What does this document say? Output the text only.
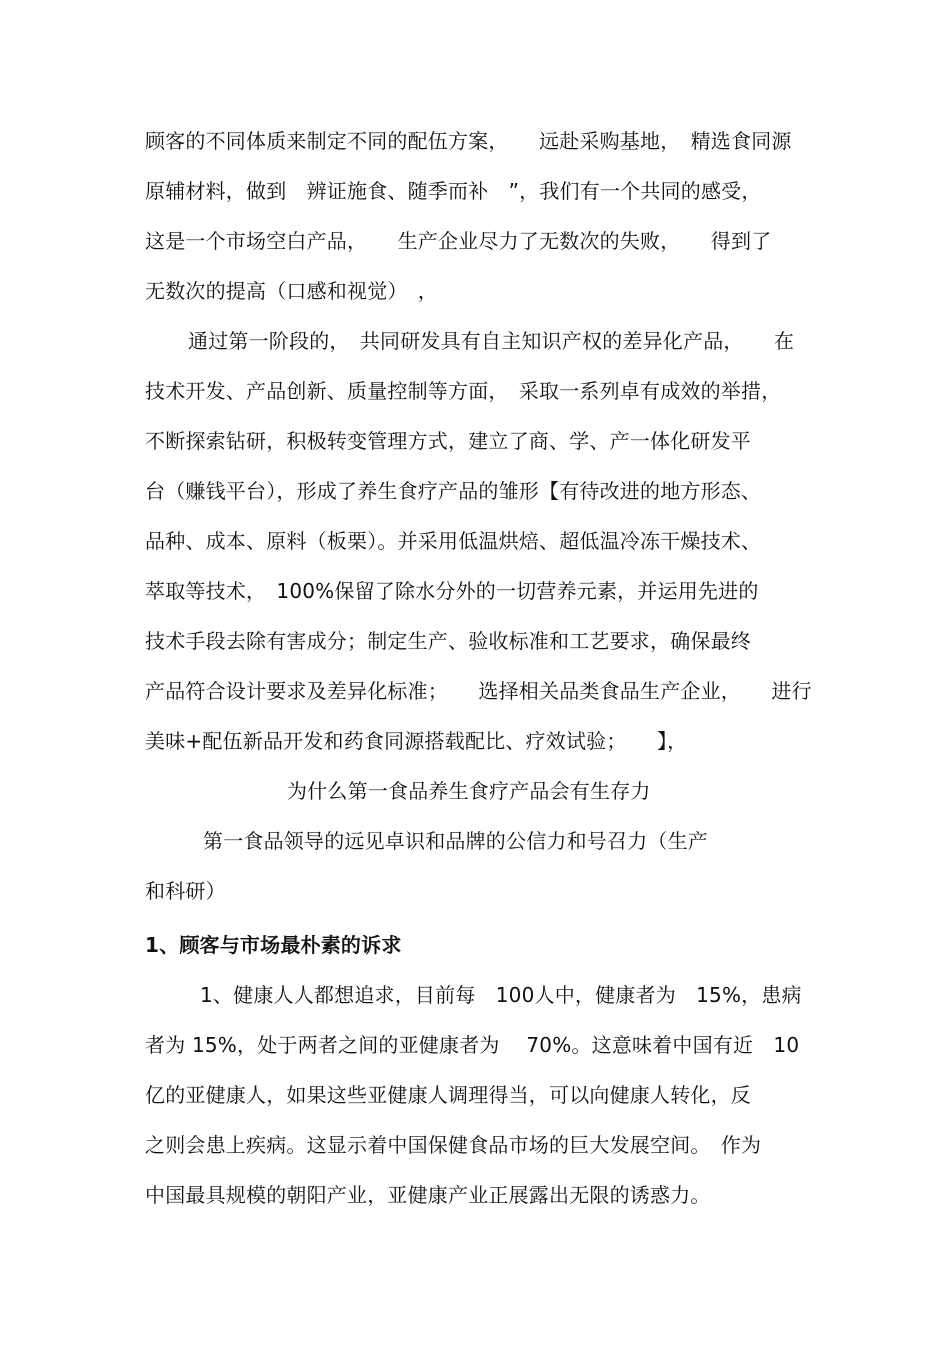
顾客的不同体质来制定不同的配伍方案，　　远赴采购基地，　精选食同源
原辅材料，做到　辨证施食、随季而补　”，我们有一个共同的感受，
这是一个市场空白产品，　　生产企业尽力了无数次的失败，　　得到了
无数次的提高（口感和视觉）　，
通过第一阶段的，　共同研发具有自主知识产权的差异化产品，　　在
技术开发、产品创新、质量控制等方面，　采取一系列卓有成效的举措，
不断探索钻研，积极转变管理方式，建立了商、学、产一体化研发平
台（赚钱平台），形成了养生食疗产品的雏形【有待改进的地方形态、
品种、成本、原料（板栗）。并采用低温烘焙、超低温冷冻干燥技术、
萃取等技术，　100%保留了除水分外的一切营养元素，并运用先进的
技术手段去除有害成分；制定生产、验收标准和工艺要求，确保最终
产品符合设计要求及差异化标准；　　选择相关品类食品生产企业，　　进行
美味+配伍新品开发和药食同源搭载配比、疗效试验；　　】，
为什么第一食品养生食疗产品会有生存力
第一食品领导的远见卓识和品牌的公信力和号召力（生产
和科研）
1、顾客与市场最朴素的诉求
1、健康人人都想追求，目前每　100人中，健康者为　15%，患病
者为 15%，处于两者之间的亚健康者为　 70%。这意味着中国有近　10
亿的亚健康人，如果这些亚健康人调理得当，可以向健康人转化，反
之则会患上疾病。这显示着中国保健食品市场的巨大发展空间。　作为
中国最具规模的朝阳产业，亚健康产业正展露出无限的诱惑力。
